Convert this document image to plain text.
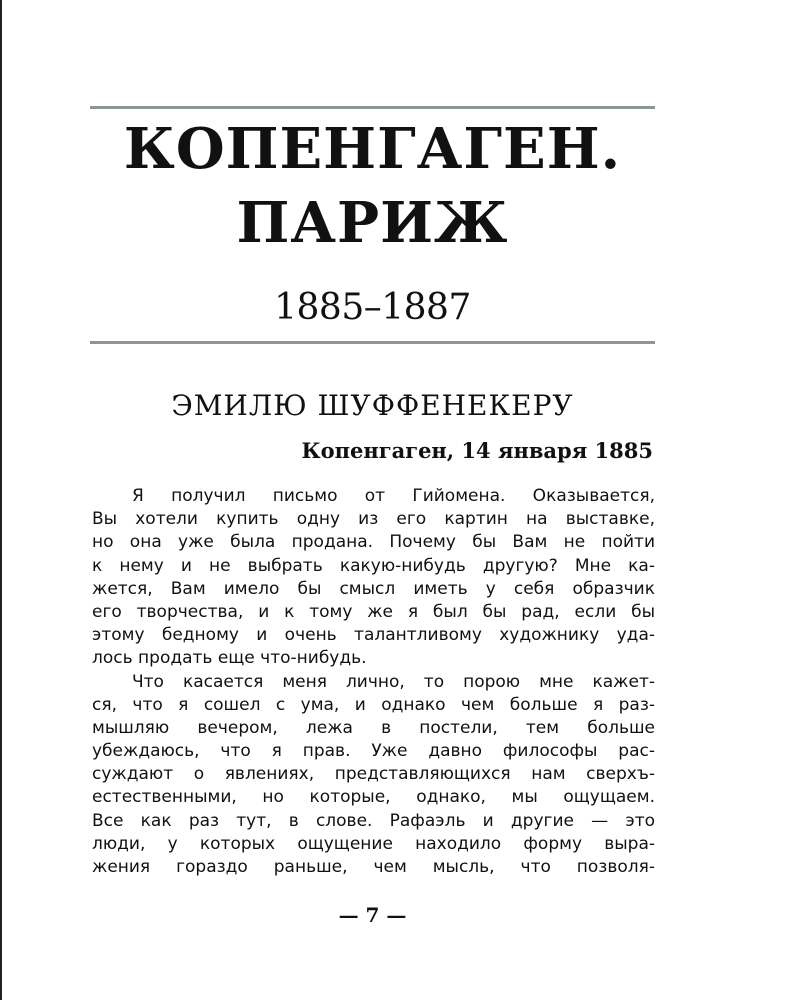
КОПЕНГАГЕН.
ПАРИЖ
1885–1887
ЭМИЛЮ ШУФФЕНЕКЕРУ
Копенгаген, 14 января 1885
Я получил письмо от Гийомена. Оказывается,
Вы хотели купить одну из его картин на выставке,
но она уже была продана. Почему бы Вам не пойти
к нему и не выбрать какую-нибудь другую? Мне ка-
жется, Вам имело бы смысл иметь у себя образчик
его творчества, и к тому же я был бы рад, если бы
этому бедному и очень талантливому художнику уда-
лось продать еще что-нибудь.
Что касается меня лично, то порою мне кажет-
ся, что я сошел с ума, и однако чем больше я раз-
мышляю вечером, лежа в постели, тем больше
убеждаюсь, что я прав. Уже давно философы рас-
суждают о явлениях, представляющихся нам сверхъ-
естественными, но которые, однако, мы ощущаем.
Все как раз тут, в слове. Рафаэль и другие — это
люди, у которых ощущение находило форму выра-
жения гораздо раньше, чем мысль, что позволя-
— 7 —
